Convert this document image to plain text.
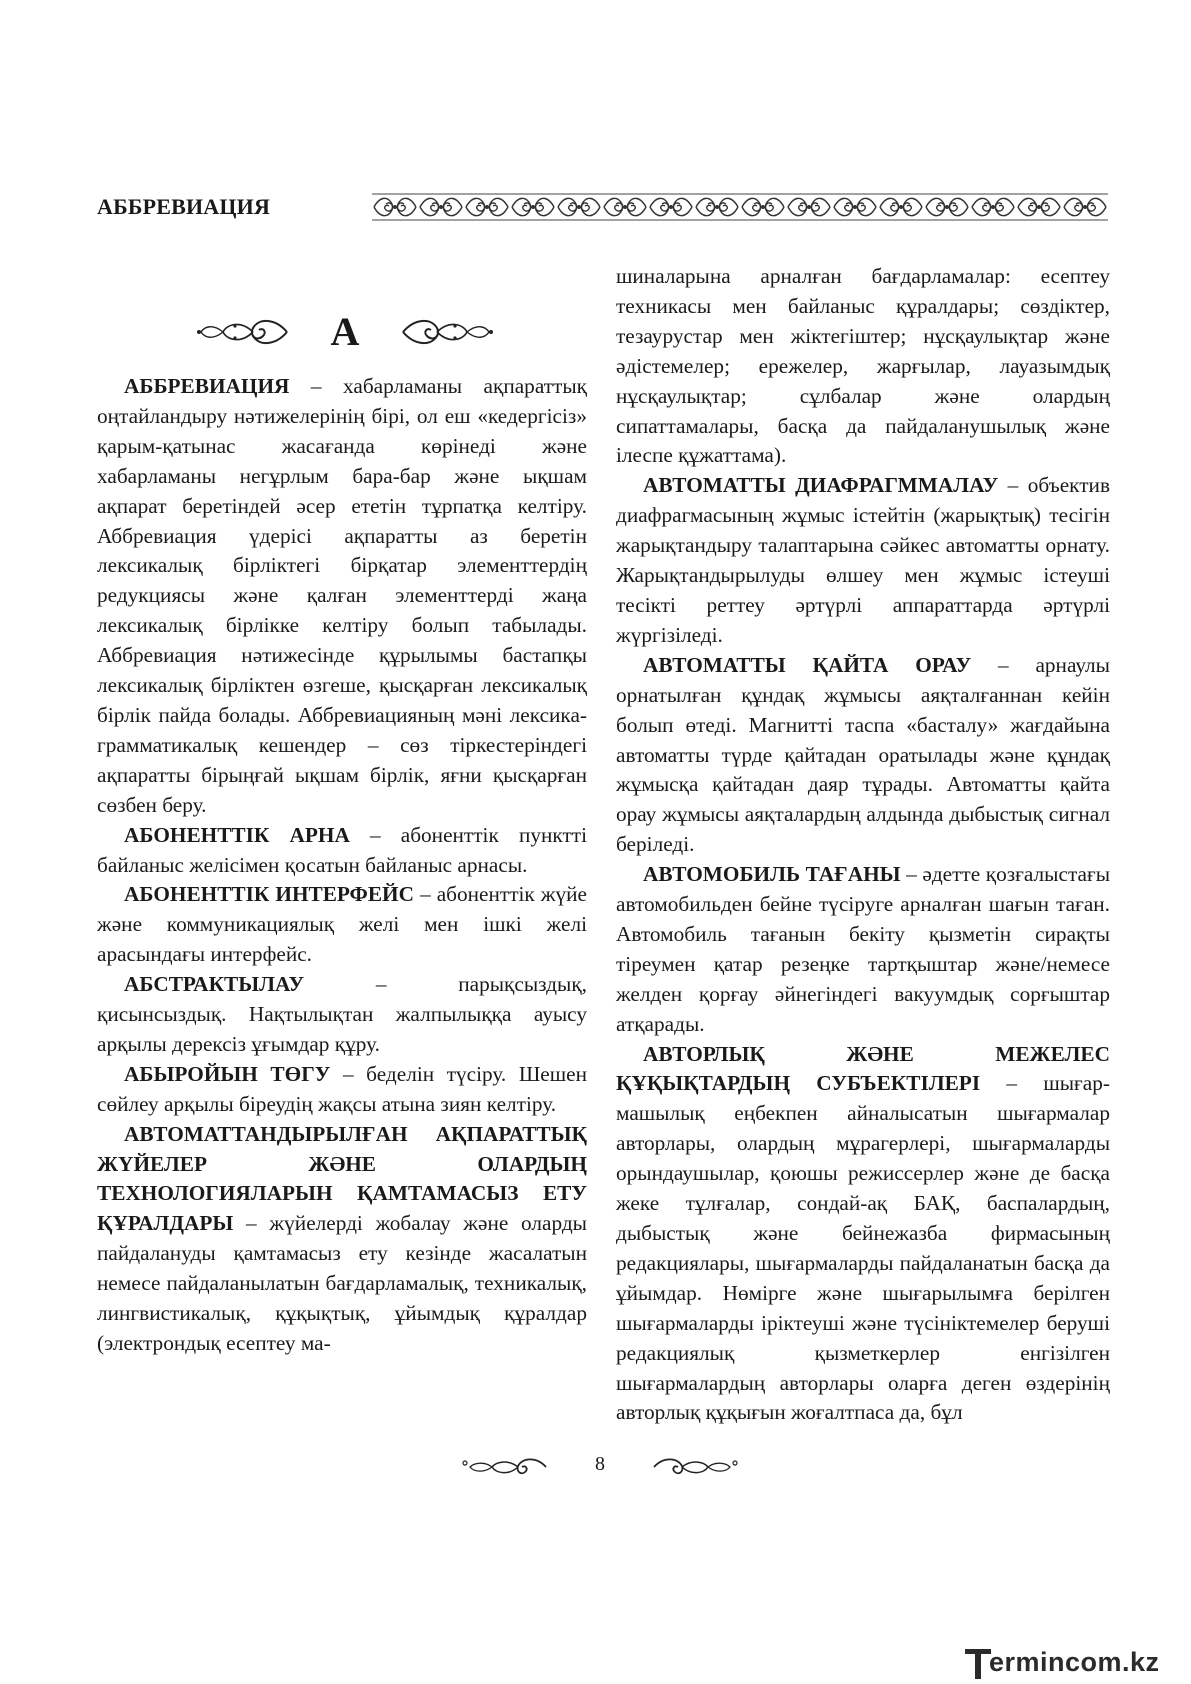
АББРЕВИАЦИЯ
А

АББРЕВИАЦИЯ – хабарламаны ақпараттық оңтайландыру нәтижелерінің бірі, ол еш «кедергісіз» қарым-қатынас жасағанда көрінеді және хабарламаны негұрлым бара-бар және ықшам ақпарат беретіндей әсер ететін тұрпатқа келтіру. Аббревиация үдерісі ақпаратты аз беретін лексикалық бірліктегі бірқатар элементтердің редукциясы және қалған элементтерді жаңа лексикалық бірлікке келтіру болып табылады. Аббревиация нәтижесінде құрылымы бастапқы лексикалық бірліктен өзгеше, қысқарған лексикалық бірлік пайда болады. Аббревиацияның мәні лексика-грамматикалық кешендер – сөз тіркестеріндегі ақпаратты бірыңғай ықшам бірлік, яғни қысқарған сөзбен беру.

АБОНЕНТТІК АРНА – абоненттік пунктті байланыс желісімен қосатын байланыс арнасы.

АБОНЕНТТІК ИНТЕРФЕЙС – абоненттік жүйе және коммуникациялық желі мен ішкі желі арасындағы интерфейс.

АБСТРАКТЫЛАУ – парықсыздық, қисынсыздық. Нақтылықтан жалпылыққа ауысу арқылы дерексіз ұғымдар құру.

АБЫРОЙЫН ТӨГУ – беделін түсіру. Шешен сөйлеу арқылы біреудің жақсы атына зиян келтіру.

АВТОМАТТАНДЫРЫЛҒАН АҚПАРАТТЫҚ ЖҮЙЕЛЕР ЖӘНЕ ОЛАРДЫҢ ТЕХНОЛОГИЯЛАРЫН ҚАМТАМАСЫЗ ЕТУ ҚҰРАЛДАРЫ – жүйелерді жобалау және оларды пайдалануды қамтамасыз ету кезінде жасалатын немесе пайдаланылатын бағдарламалық, техникалық, лингвистикалық, құқықтық, ұйымдық құралдар (электрондық есептеу ма-

шиналарына арналған бағдарламалар: есептеу техникасы мен байланыс құралдары; сөздіктер, тезаурустар мен жіктегіштер; нұсқаулықтар және әдістемелер; ережелер, жарғылар, лауазымдық нұсқаулықтар; сұлбалар және олардың сипаттамалары, басқа да пайдаланушылық және ілеспе құжаттама).

АВТОМАТТЫ ДИАФРАГММАЛАУ – объектив диафрагмасының жұмыс істейтін (жарықтық) тесігін жарықтандыру талаптарына сәйкес автоматты орнату. Жарықтандырылуды өлшеу мен жұмыс істеуші тесікті реттеу әртүрлі аппараттарда әртүрлі жүргізіледі.

АВТОМАТТЫ ҚАЙТА ОРАУ – арнаулы орнатылған құндақ жұмысы аяқталғаннан кейін болып өтеді. Магнитті таспа «басталу» жағдайына автоматты түрде қайтадан оратылады және құндақ жұмысқа қайтадан даяр тұрады. Автоматты қайта орау жұмысы аяқталардың алдында дыбыстық сигнал беріледі.

АВТОМОБИЛЬ ТАҒАНЫ – әдетте қозғалыстағы автомобильден бейне түсіруге арналған шағын таған. Автомобиль тағанын бекіту қызметін сирақты тіреумен қатар резеңке тартқыштар және/немесе желден қорғау әйнегіндегі вакуумдық сорғыштар атқарады.

АВТОРЛЫҚ ЖӘНЕ МЕЖЕЛЕС ҚҰҚЫҚТАРДЫҢ СУБЪЕКТІЛЕРІ – шығар-машылық еңбекпен айналысатын шығармалар авторлары, олардың мұрагерлері, шығармаларды орындаушылар, қоюшы режиссерлер және де басқа жеке тұлғалар, сондай-ақ БАҚ, баспалардың, дыбыстық және бейнежазба фирмасының редакциялары, шығармаларды пайдаланатын басқа да ұйымдар. Нөмірге және шығарылымға берілген шығармаларды іріктеуші және түсініктемелер беруші редакциялық қызметкерлер енгізілген шығармалардың авторлары оларға деген өздерінің авторлық құқығын жоғалтпаса да, бұл

8
ermincom.kz
